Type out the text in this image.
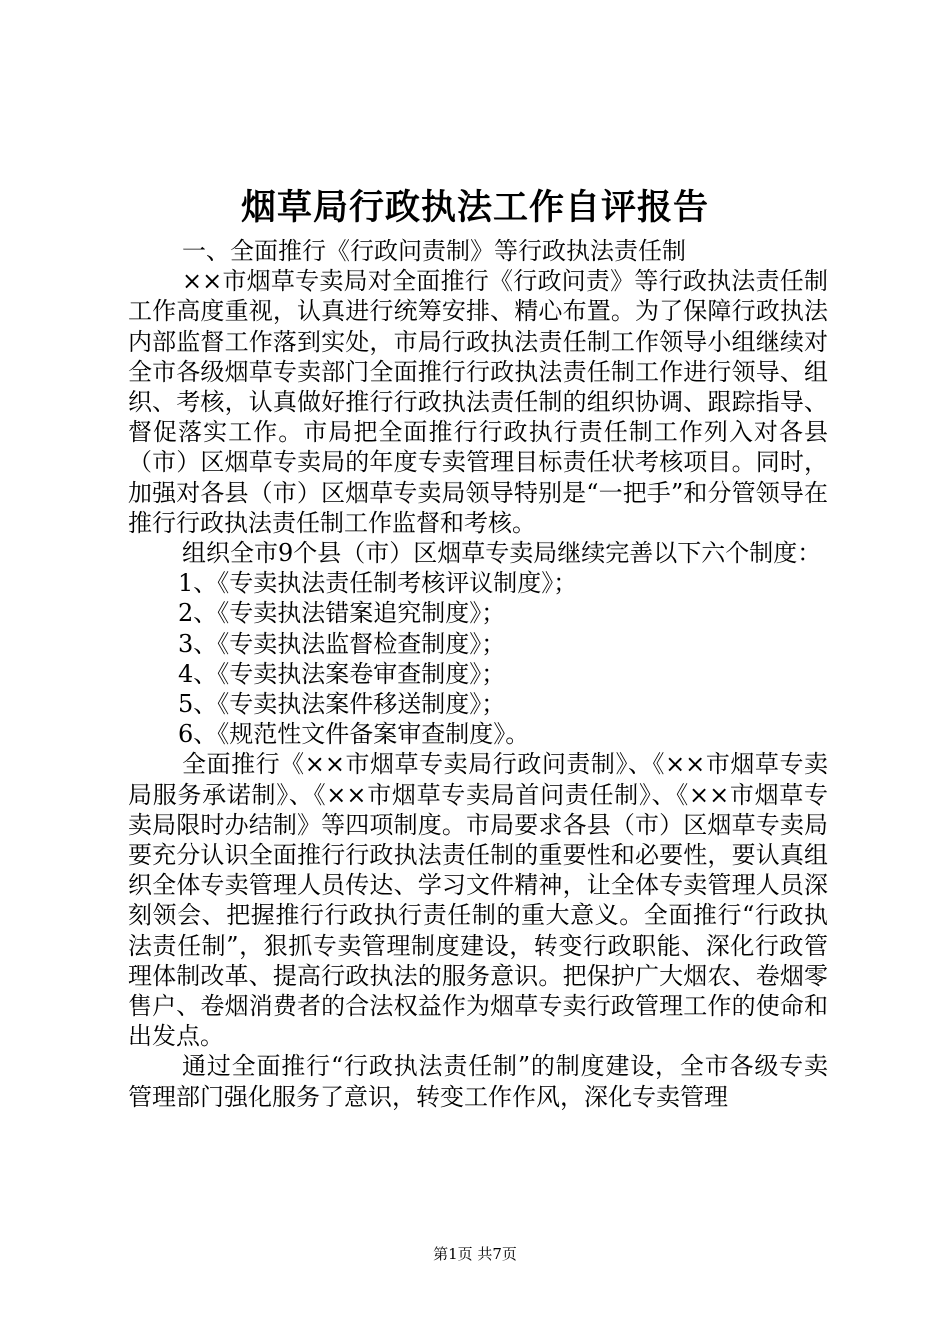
烟草局行政执法工作自评报告

一、全面推行《行政问责制》等行政执法责任制

××市烟草专卖局对全面推行《行政问责》等行政执法责任制工作高度重视，认真进行统筹安排、精心布置。为了保障行政执法内部监督工作落到实处，市局行政执法责任制工作领导小组继续对全市各级烟草专卖部门全面推行行政执法责任制工作进行领导、组织、考核，认真做好推行行政执法责任制的组织协调、跟踪指导、督促落实工作。市局把全面推行行政执行责任制工作列入对各县（市）区烟草专卖局的年度专卖管理目标责任状考核项目。同时，加强对各县（市）区烟草专卖局领导特别是“一把手”和分管领导在推行行政执法责任制工作监督和考核。

组织全市9个县（市）区烟草专卖局继续完善以下六个制度：

1、《专卖执法责任制考核评议制度》；

2、《专卖执法错案追究制度》；

3、《专卖执法监督检查制度》；

4、《专卖执法案卷审查制度》；

5、《专卖执法案件移送制度》；

6、《规范性文件备案审查制度》。

全面推行《××市烟草专卖局行政问责制》、《××市烟草专卖局服务承诺制》、《××市烟草专卖局首问责任制》、《××市烟草专卖局限时办结制》等四项制度。市局要求各县（市）区烟草专卖局要充分认识全面推行行政执法责任制的重要性和必要性，要认真组织全体专卖管理人员传达、学习文件精神，让全体专卖管理人员深刻领会、把握推行行政执行责任制的重大意义。全面推行“行政执法责任制”，狠抓专卖管理制度建设，转变行政职能、深化行政管理体制改革、提高行政执法的服务意识。把保护广大烟农、卷烟零售户、卷烟消费者的合法权益作为烟草专卖行政管理工作的使命和出发点。

通过全面推行“行政执法责任制”的制度建设，全市各级专卖管理部门强化服务了意识，转变工作作风，深化专卖管理

第1页 共7页
